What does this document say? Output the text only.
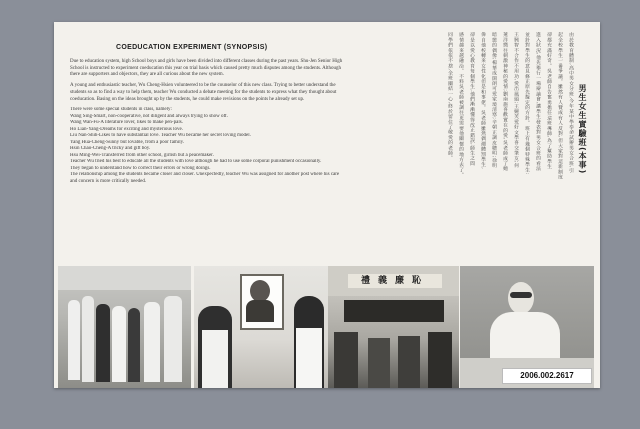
COEDUCATION EXPERIMENT (SYNOPSIS)

Due to education system, high School boys and girls have been divided into different classes during the past years. Shu-Jen Senior High School is instructed to experiment coeducation this year on trial basis which caused pretty much disputes among the students. Although there are supporters and objectors, they are all curious about the new system.

A young and enthusiastic teacher, Wu Cheng-Hsien volunteered to be the counselor of this new class. Trying to better understand the students so as to find a way to help them, teacher Wu conducted a debate meeting for the students to express what they thought about coeducation. Basing on the ideas brought up by the students, he could make revisions on the points he already set up.

There were some special students in class, namely:
Wang Sing-Smart, non-cooperative, not diligent and always trying to show off.
Wang Wan-Fu-A literature lover, likes to make pen-pals.
Ho Lian-Yang-Dreams for exciting and mysterious love.
Liu Nan-Shih-Likes to have substantial love. Teacher Wu became her secret loving model.
Yang Hua-Cheng-Sunny but lovable, from a poor family.
Hsin Chao-Cheng-A tricky and gift boy.
Hsu Ming-Wei-Transferred from other school, girlish but a peacemaker.
Teacher Wu tried his best to educate all the students with love although he had to use some corporal punishment occasionally.
They began to understand how to correct their errors or wrong doings.
The relationship among the students became closer and closer. Unexpectedly, teacher Wu was assigned for another post where his care and concern is more critically needed.
男生女生實驗班(本事)
由於教育體制,高中男女分班,今年某中學奉命試辦男女合班,引
起全校學生一番爭議。雖然有人贊成有人反對,但大家對這新制度
卻都充滿好奇。吳老師自告奮勇擔任這班導師,為了幫助學生
進入狀況,他先舉行一場辯論會,讓學生發表對男女合班的看法
並針對學生的意見修正原先擬定的方針。班上有幾個特殊學生:
王興智不合作不用功,愛出風頭;王婉芙愛好文學喜交筆友;何
蓮洋嚮往刺激神秘的愛情;劉南施喜歡實在的愛,吳老師成了她
暗戀的偶像;楊華成開朗可愛家境清寒;辛朝正調皮聰明;徐明
偉自他校轉來女性化但是和事佬。吳老師雖然偶爾體罰學生,
卻是以愛心教育每個學生,他們漸漸懂得改正錯誤,師生之間
感情越來越融洽。不料吳老師被調往更需要他關懷的地方去了。
同學們依依不捨,全班團結一心,終於留住了敬愛的老師。
禮義廉恥
2006.002.2617
